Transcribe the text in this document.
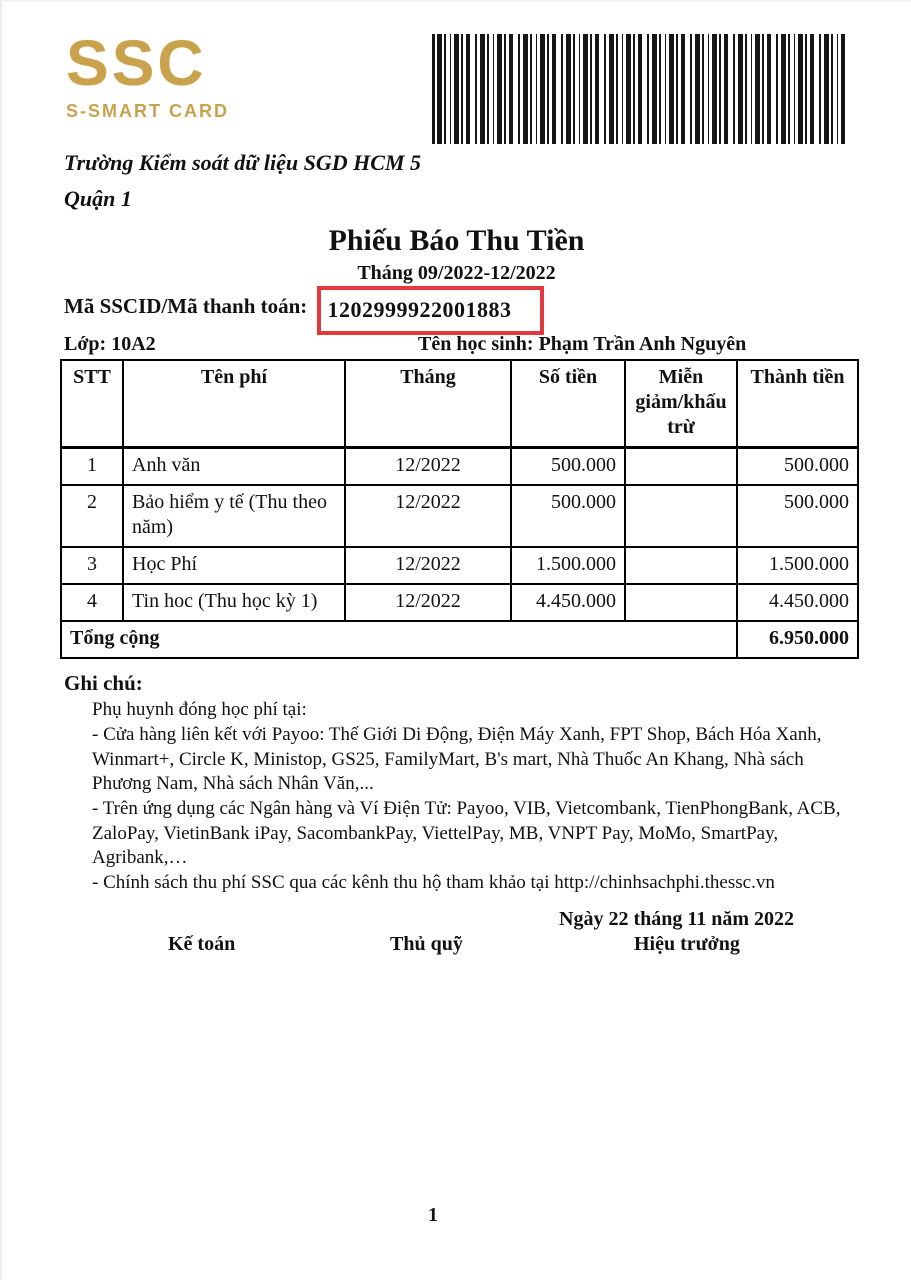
SSC
S-SMART CARD
Trường Kiểm soát dữ liệu SGD HCM 5
Quận 1
Phiếu Báo Thu Tiền
Tháng 09/2022-12/2022
Mã SSCID/Mã thanh toán: 1202999922001883
Lớp: 10A2	Tên học sinh: Phạm Trần Anh Nguyên
STT	Tên phí	Tháng	Số tiền	Miễn giảm/khấu trừ	Thành tiền
1	Anh văn	12/2022	500.000		500.000
2	Bảo hiểm y tế (Thu theo năm)	12/2022	500.000		500.000
3	Học Phí	12/2022	1.500.000		1.500.000
4	Tin hoc (Thu học kỳ 1)	12/2022	4.450.000		4.450.000
Tổng cộng					6.950.000
Ghi chú:

Phụ huynh đóng học phí tại:

- Cửa hàng liên kết với Payoo: Thế Giới Di Động, Điện Máy Xanh, FPT Shop, Bách Hóa Xanh, Winmart+, Circle K, Ministop, GS25, FamilyMart, B's mart, Nhà Thuốc An Khang, Nhà sách Phương Nam, Nhà sách Nhân Văn,...

- Trên ứng dụng các Ngân hàng và Ví Điện Tử: Payoo, VIB, Vietcombank, TienPhongBank, ACB, ZaloPay, VietinBank iPay, SacombankPay, ViettelPay, MB, VNPT Pay, MoMo, SmartPay, Agribank,…

- Chính sách thu phí SSC qua các kênh thu hộ tham khảo tại http://chinhsachphi.thessc.vn

Ngày 22 tháng 11 năm 2022
Kế toán	Thủ quỹ	Hiệu trưởng
1
